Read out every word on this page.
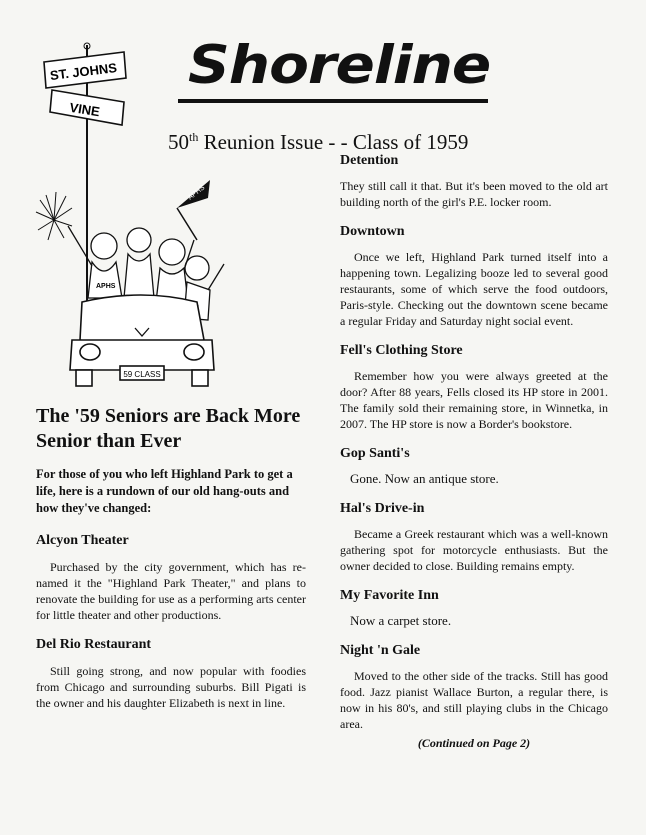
Shoreline
50th Reunion Issue - - Class of 1959
ST. JOHNS
VINE
APHS
APHS
59 CLASS
The '59 Seniors are Back More Senior than Ever
For those of you who left Highland Park to get a life, here is a rundown of our old hang-outs and how they've changed:
Alcyon Theater

Purchased by the city government, which has re-named it the "Highland Park Theater," and plans to renovate the building for use as a performing arts center for little theater and other productions.

Del Rio Restaurant

Still going strong, and now popular with foodies from Chicago and surrounding suburbs. Bill Pigati is the owner and his daughter Elizabeth is next in line.

Detention

They still call it that. But it's been moved to the old art building north of the girl's P.E. locker room.

Downtown

Once we left, Highland Park turned itself into a happening town. Legalizing booze led to several good restaurants, some of which serve the food outdoors, Paris-style. Checking out the downtown scene became a regular Friday and Saturday night social event.

Fell's Clothing Store

Remember how you were always greeted at the door? After 88 years, Fells closed its HP store in 2001. The family sold their remaining store, in Winnetka, in 2007. The HP store is now a Border's bookstore.

Gop Santi's

Gone. Now an antique store.

Hal's Drive-in

Became a Greek restaurant which was a well-known gathering spot for motorcycle enthusiasts. But the owner decided to close. Building remains empty.

My Favorite Inn

Now a carpet store.

Night 'n Gale

Moved to the other side of the tracks. Still has good food. Jazz pianist Wallace Burton, a regular there, is now in his 80's, and still playing clubs in the Chicago area.

(Continued on Page 2)
